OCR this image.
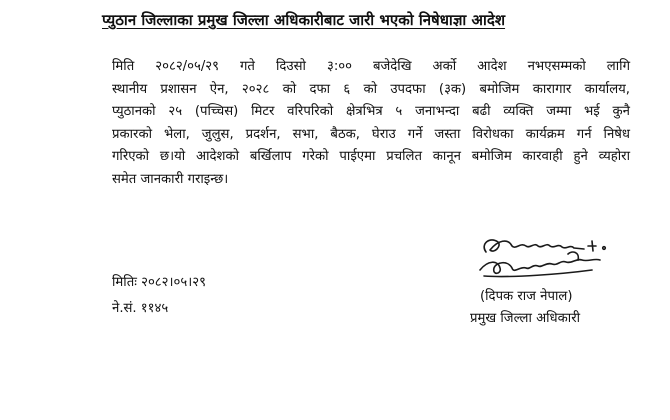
प्युठान जिल्लाका प्रमुख जिल्ला अधिकारीबाट जारी भएको निषेधाज्ञा आदेश
मिति २०८२/०५/२९ गते दिउसो ३:०० बजेदेखि अर्को आदेश नभएसम्मको लागि
स्थानीय प्रशासन ऐन, २०२८ को दफा ६ को उपदफा (३क) बमोजिम कारागार कार्यालय,
प्युठानको २५ (पच्चिस) मिटर वरिपरिको क्षेत्रभित्र ५ जनाभन्दा बढी व्यक्ति जम्मा भई कुनै
प्रकारको भेला, जुलुस, प्रदर्शन, सभा, बैठक, घेराउ गर्ने जस्ता विरोधका कार्यक्रम गर्न निषेध
गरिएको छ।यो आदेशको बर्खिलाप गरेको पाईएमा प्रचलित कानून बमोजिम कारवाही हुने व्यहोरा
समेत जानकारी गराइन्छ।
मितिः २०८२।०५।२९
ने.सं. ११४५
(दिपक राज नेपाल)
प्रमुख जिल्ला अधिकारी
